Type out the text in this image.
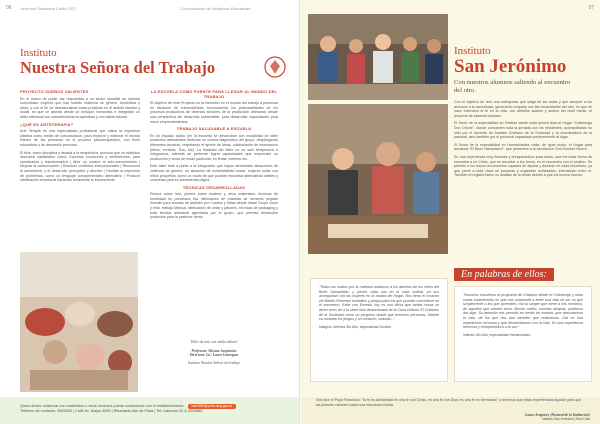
06 Juventud Salesiana Cadiz 2017	Comunicación de Iniciativas Educativas
Instituto
Nuestra Señora del Trabajo
PROYECTO SUEÑOS VALIENTES

En el marco de poder dar respuestas a un sector sensible de nuestra comunidad: mujeres que han sufrido violencia de género, doméstica y otras, y con el fin de desnaturalizar estas prácticas en el ámbito familiar y social, es que se aborda desde un enfoque humanista e integrador un taller artesanal con características terapéuticas y con salida laboral.

¿QUÉ ES ARTETERAPIA?

Arte Terapia es una especialidad profesional que utiliza la expresión plástica como medio de comunicación, para explorar y elaborar el mundo interno de las personas en el proceso psicoterapéutico, con fines educativos y de desarrollo personal.

El Arte, como disciplina y llevada a la terapéutica, provoca que un individuo descubra habilidades como: Expresar emociones y sentimientos, para canalizarlos y transformarlos | Abrir un camino al auto-conocimiento | Mejorar la comunicación | Resolver conflictos interpersonales | Reconocer la autoestima, y el desarrollo perceptivo y afectivo | Facilitar la expresión de problemas, como un lenguaje complementario alternativo | Producir clarificación emocional haciendo consciente lo inconsciente

LA ESCUELA COMO FUENTE PARA LLEGAR AL MUNDO DEL TRABAJO

El objetivo de este Proyecto es la inserción en el mundo del trabajo a personas en situación de vulnerabilidad, reconociendo los potencialidades de los procesos productivos de diversos sectores de la producción artesanal, desde una perspectiva del desarrollo sustentable, para desarrollar capacidades para micro emprendimientos.

TRABAJO SALUDABLE A ESCUELA

En un espacio áulico (en la escuela) se desarrollan con modalidad de taller productos artesanales teniendo en cuenta diagnóstico del grupo, despliegando diferentes técnicas, respetando el aporte de ideas, colaboración de información (libros, revistas, Tics, etc). La finalidad del taller no es solo terapéutica e integradora, además se pretende lograr capacidades que emprender su producción y venta de modo particular, en ferias, eventos etc.

Este taller está a punta a la integración que hayan atravesado situaciones de violencia de género, en situación de vulnerabilidad social, mujeres solas con niños pequeños, como un modo de que puedan encontrar alternativas viables y concretas para su subsistencia digna.

TÉCNICAS DESARROLLADAS

Pintura sobre tela, pintura sobre madera y otros materiales, técnicas de modelado en porcelana fría, fabricación de macetas de cemento pegado formato para armado de jardines por Cuartos y Salas desde Inicial Grupo como y esto, trabajo Manual, fabricación de velas y jabones, técnicas de packaging y toda técnica artesanal agendada por el grupo, que permita desarrollar productos para la posterior venta.

Taller de arte con salida laboral
Profesora: Silvana Jacquinias
Directora: Lic. Laura Castrogna
Instituto Nuestra Señora del trabajo
Quien desee colaborar con materiales u otros recursos puede contactarse con el establecimiento: nsl2455@pnsv.dsg.gov.ar
Teléfono de contacto: 4569653 | Calle Av. Maipú 5690 | Ribadavia Mar de Plata | Tel: Llamada 32-4-2024665
07
Instituto
San Jerónimo
Con nuestros alumnos saliendo al encuentro del otro.

Con el objetivo de vivir una catequesis que salga de las aulas y que siempre a los alumnos a la comunidad, generando empatía con las necesidades del otro, en que se hace extensivo la fe en la vida, con ámbitos suaves y ambos del nivel medio, el proyecto de pastoral solidario.

El Sexto de la especialidad en Gestión asiste cada quince días al Hogar "Cottolengo Don Orione", donde comparten toda la jornada con los residentes, acompañados no sólo por el docente de Análisis Cristiano de la Sociedad y la coordinadora de la pastoral, sino también por el personal capacitado perteneciente al lugar.

El Sexto de la especialidad en Humanidades visita, de igual modo, el Hogar para ancianos "El Buen Samaritano", que pertenece a la Asociación Civil Hombre Nuevo.

En una experiencia muy fecunda y enriquecedora para todos, una hermosa forma de encontrar a mi Cristo, que es anunciar a los Jesús, en el encuentro con el prójimo. Se permite a los chicos reconocerse capaces de ayudar y donarse en cada encuentro, ya que prevé a toda chica se preparan y organizan actividades, interactúan entre sí. También el registra faces un análisis de la vivido debido a que los mueva mucho.

"Todos los martes por la mañana asistimos a los abuelos de los ciclos del Buen Samaritano, y jueves cada uno en la casa ordinal, ya sus acompañan con las mujeres en la ciudad del Hogar. Nos llena el corazón ver Benito Restrepo estribillos y juegos para los que puedan convertirse en el encuentro. Estar con Ernesto hoy es una dicha que tantas cosas se dicen vivos de a la clase lista deslumbrada de la Casa Ordinal. El Cristiano de la Sociedad como un progreso desde que tenemos personas, Hobbie va rezando los juegos y un contacto, cuantas..."
Milagros Jiménez 6to Año, especialidad Gestión
En palabras de ellos:
"Nosotros estuvimos al programa de Cristiano desde el Cottolengo y otras varias experiencias en que nos sorprende a tener una vida de ser no que simplemente a los que aprenden, con la sangre que viene a mis hombros, de aquellos que sienten amor. Mucho cariño, muchas alegrías, podemos dar algo. Su atención nos permitió en medio de nuestro, que descubrimos la vida, de los que nos dan también que realizamos. Dar es una experiencia hermosa y que desarrollamos con la vida. Es una experiencia hermosa y enriquecedora a la vez."
Valentín 6to Año, especialidad Humanidades
Nos dice el Papa Francisco: "la fe es solidaridad en una fe con Cristo, es una fe con Dios; es una fe en hermanos" y creemos que estas experiencias ayudan para que los jóvenes caminen hacia una educación lúcida.
Laura Aragonés (Pastoral de la Institución)
Instituto San Jerónimo | Ruiz Díaz
